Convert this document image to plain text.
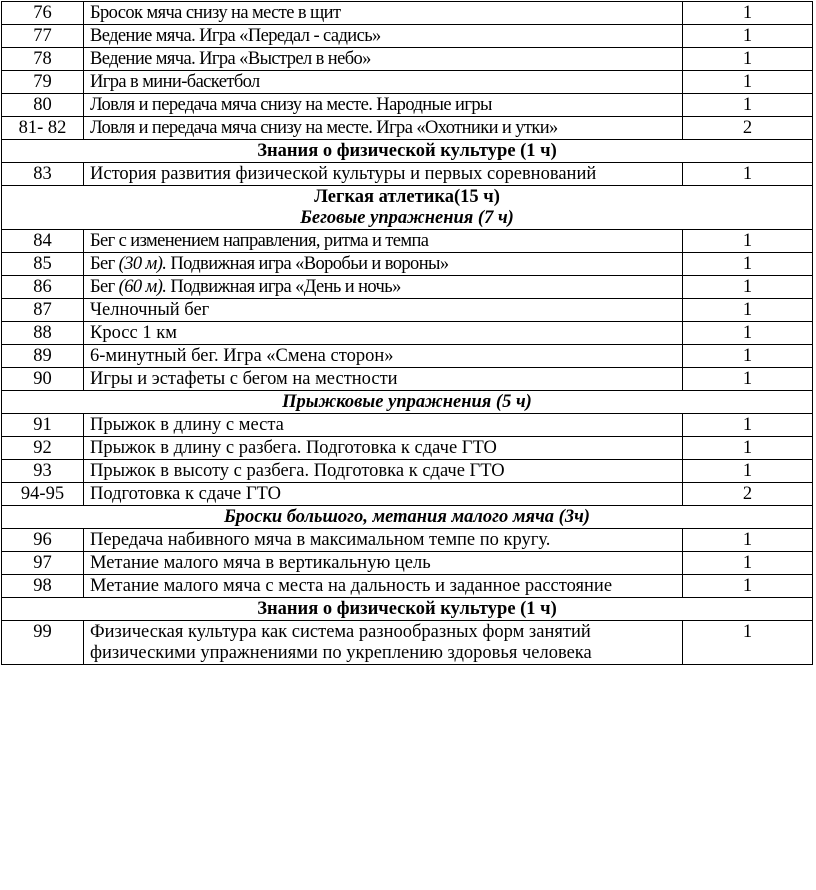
76	Бросок мяча снизу на месте в щит	1
77	Ведение мяча. Игра «Передал - садись»	1
78	Ведение мяча. Игра «Выстрел в небо»	1
79	Игра в мини-баскетбол	1
80	Ловля и передача мяча снизу на месте. Народные игры	1
81- 82	Ловля и передача мяча снизу на месте. Игра «Охотники и утки»	2

Знания о физической культуре (1 ч)		

83	История развития физической культуры и первых соревнований	1

Легкая атлетика(15 ч)
Беговые упражнения (7 ч)		

84	Бег с изменением направления, ритма и темпа	1
85	Бег (30 м). Подвижная игра «Воробьи и вороны»	1
86	Бег (60 м). Подвижная игра «День и ночь»	1
87	Челночный бег	1
88	Кросс 1 км	1
89	6-минутный бег. Игра «Смена сторон»	1
90	Игры и эстафеты с бегом на местности	1

Прыжковые упражнения (5 ч)		

91	Прыжок в длину с места	1
92	Прыжок в длину с разбега. Подготовка к сдаче ГТО	1
93	Прыжок в высоту с разбега. Подготовка к сдаче ГТО	1
94-95	Подготовка к сдаче ГТО	2

Броски большого, метания малого мяча (3ч)		

96	Передача набивного мяча в максимальном темпе по кругу.	1
97	Метание малого мяча в вертикальную цель	1
98	Метание малого мяча с места на дальность и заданное расстояние	1

Знания о физической культуре (1 ч)		

99	Физическая культура как система разнообразных форм занятий физическими упражнениями по укреплению здоровья человека	1
